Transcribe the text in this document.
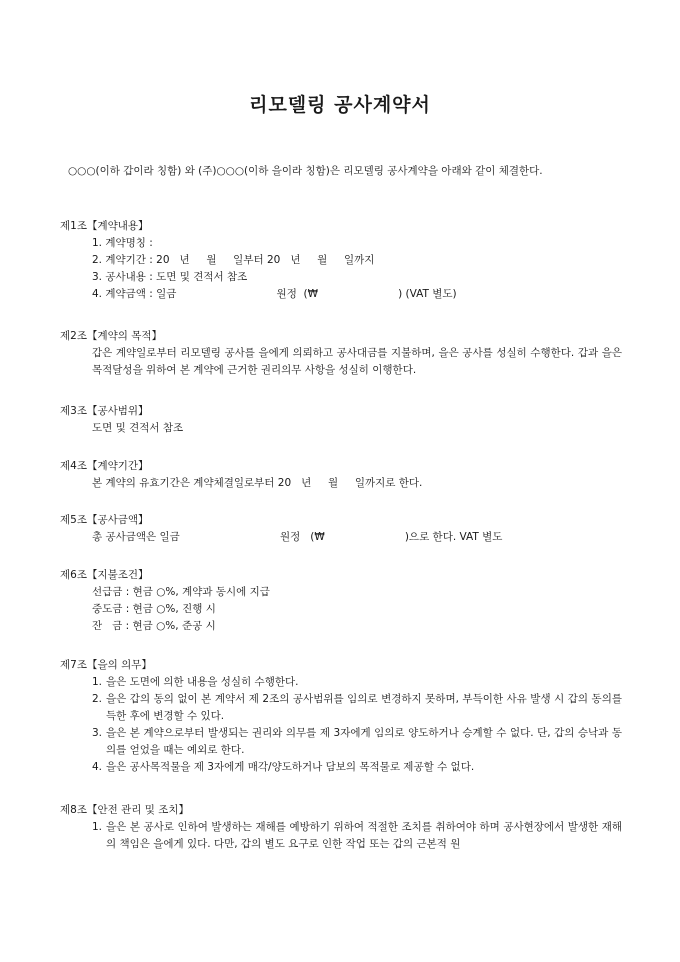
리모델링 공사계약서

○○○(이하 갑이라 칭함) 와 (주)○○○(이하 을이라 칭함)은 리모델링 공사계약을 아래와 같이 체결한다.

제1조【계약내용】

1. 계약명칭 :

2. 계약기간 : 20   년     월     일부터 20   년     월     일까지

3. 공사내용 : 도면 및 견적서 참조

4. 계약금액 : 일금                              원정  (₩                        ) (VAT 별도)

제2조【계약의 목적】

갑은 계약일로부터 리모델링 공사를 을에게 의뢰하고 공사대금를 지불하며, 을은 공사를 성실히 수행한다. 갑과 을은 목적달성을 위하여 본 계약에 근거한 권리의무 사항을 성실히 이행한다.

제3조【공사범위】

도면 및 견적서 참조

제4조【계약기간】

본 계약의 유효기간은 계약체결일로부터 20   년     월     일까지로 한다.

제5조【공사금액】

총 공사금액은 일금                              원정   (₩                        )으로 한다. VAT 별도

제6조【지불조건】

선급금 : 현금 ○%, 계약과 동시에 지급

중도금 : 현금 ○%, 진행 시

잔   금 : 현금 ○%, 준공 시

제7조【을의 의무】
1. 을은 도면에 의한 내용을 성실히 수행한다.
2. 을은 갑의 동의 없이 본 계약서 제 2조의 공사범위를 임의로 변경하지 못하며, 부득이한 사유 발생 시 갑의 동의를 득한 후에 변경할 수 있다.
3. 을은 본 계약으로부터 발생되는 권리와 의무를 제 3자에게 임의로 양도하거나 승계할 수 없다. 단, 갑의 승낙과 동의를 얻었을 때는 예외로 한다.
4. 을은 공사목적물을 제 3자에게 매각/양도하거나 담보의 목적물로 제공할 수 없다.
제8조【안전 관리 및 조치】
1. 을은 본 공사로 인하여 발생하는 재해를 예방하기 위하여 적절한 조치를 취하여야 하며 공사현장에서 발생한 재해의 책임은 을에게 있다. 다만, 갑의 별도 요구로 인한 작업 또는 갑의 근본적 원
